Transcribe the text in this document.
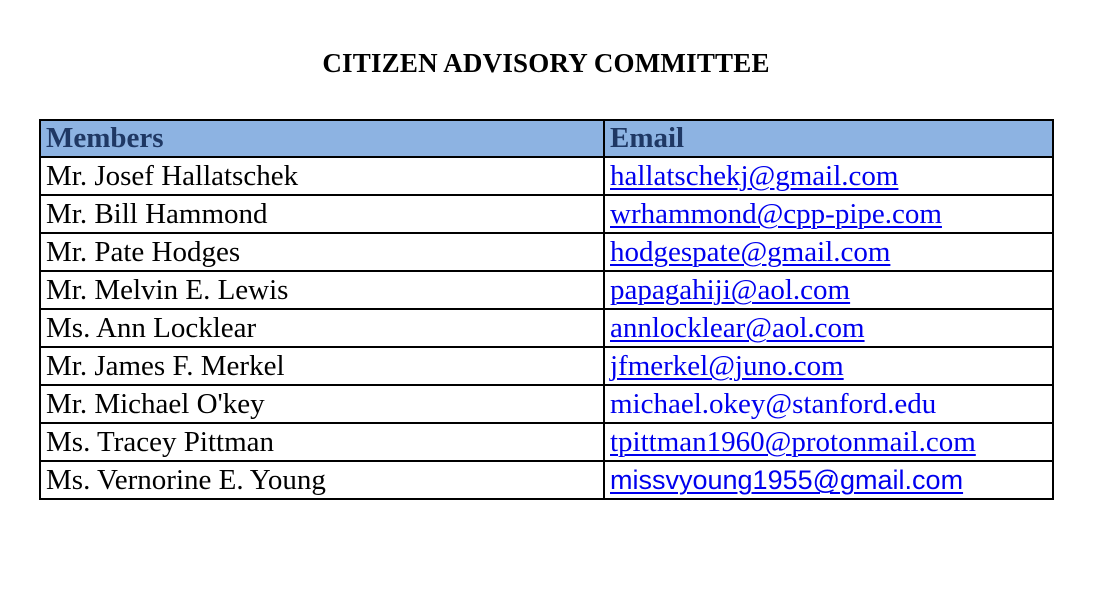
CITIZEN ADVISORY COMMITTEE
Members	Email
Mr. Josef Hallatschek	hallatschekj@gmail.com
Mr. Bill Hammond	wrhammond@cpp-pipe.com
Mr. Pate Hodges	hodgespate@gmail.com
Mr. Melvin E. Lewis	papagahiji@aol.com
Ms. Ann Locklear	annlocklear@aol.com
Mr. James F. Merkel	jfmerkel@juno.com
Mr. Michael O'key	michael.okey@stanford.edu
Ms. Tracey Pittman	tpittman1960@protonmail.com
Ms. Vernorine E. Young	missvyoung1955@gmail.com
